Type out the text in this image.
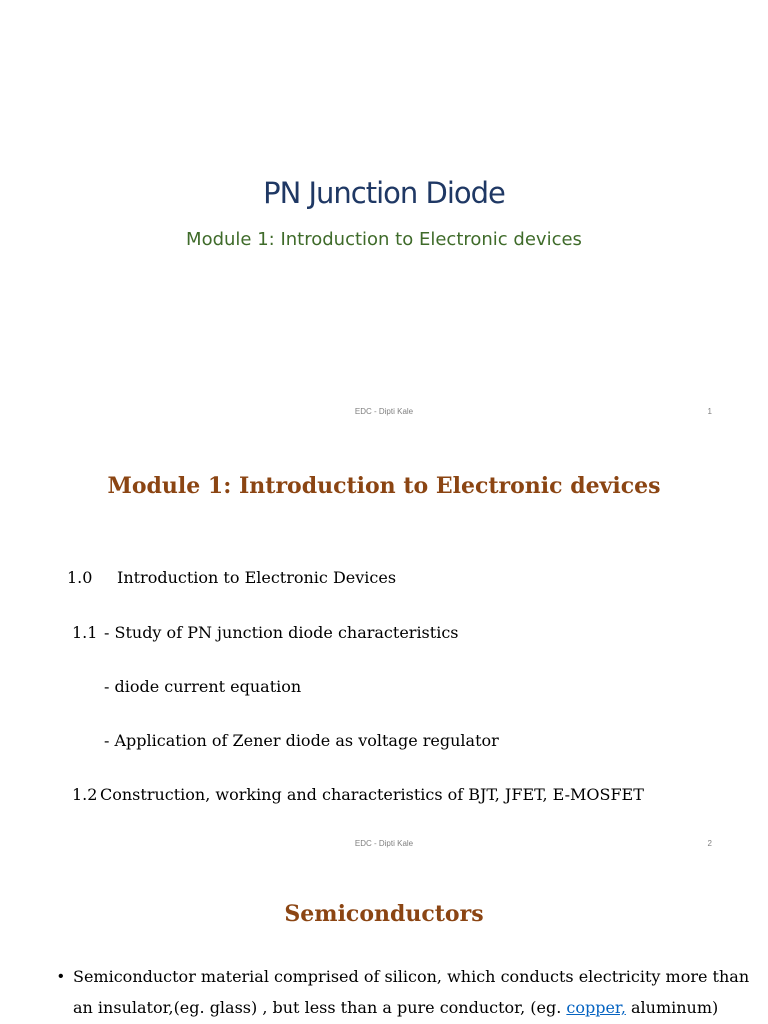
PN Junction Diode
Module 1: Introduction to Electronic devices
EDC - Dipti Kale	1
Module 1: Introduction to Electronic devices
1.0 Introduction to Electronic Devices
1.1 - Study of PN junction diode characteristics
- diode current equation
- Application of Zener diode as voltage regulator
1.2 Construction, working and characteristics of BJT, JFET, E-MOSFET
EDC - Dipti Kale	2
Semiconductors
• Semiconductor material comprised of silicon, which conducts electricity more than
an insulator,(eg. glass) , but less than a pure conductor, (eg. copper, aluminum)
